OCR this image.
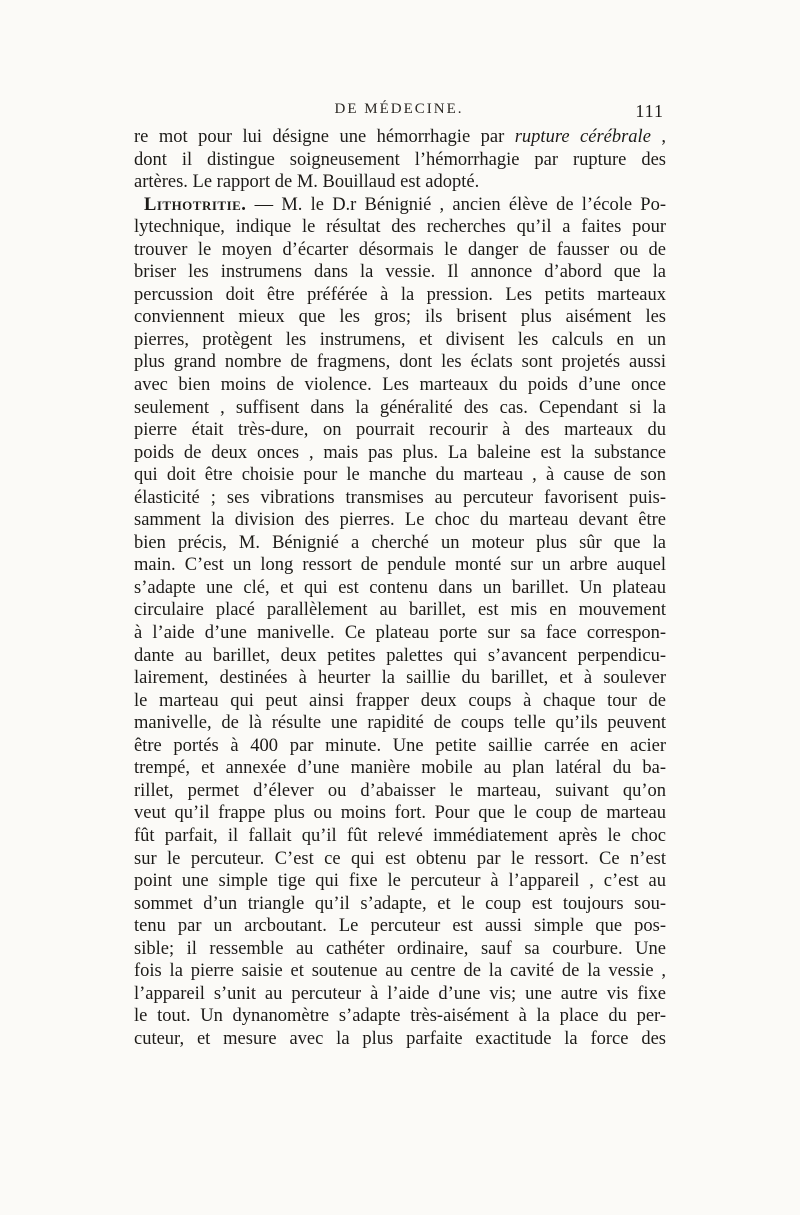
DE MÉDECINE.	111
re mot pour lui désigne une hémorrhagie par rupture cérébrale ,
dont il distingue soigneusement l’hémorrhagie par rupture des
artères. Le rapport de M. Bouillaud est adopté.
Lithotritie. — M. le D.r Bénignié , ancien élève de l’école Po-
lytechnique, indique le résultat des recherches qu’il a faites pour
trouver le moyen d’écarter désormais le danger de fausser ou de
briser les instrumens dans la vessie. Il annonce d’abord que la
percussion doit être préférée à la pression. Les petits marteaux
conviennent mieux que les gros; ils brisent plus aisément les
pierres, protègent les instrumens, et divisent les calculs en un
plus grand nombre de fragmens, dont les éclats sont projetés aussi
avec bien moins de violence. Les marteaux du poids d’une once
seulement , suffisent dans la généralité des cas. Cependant si la
pierre était très-dure, on pourrait recourir à des marteaux du
poids de deux onces , mais pas plus. La baleine est la substance
qui doit être choisie pour le manche du marteau , à cause de son
élasticité ; ses vibrations transmises au percuteur favorisent puis-
samment la division des pierres. Le choc du marteau devant être
bien précis, M. Bénignié a cherché un moteur plus sûr que la
main. C’est un long ressort de pendule monté sur un arbre auquel
s’adapte une clé, et qui est contenu dans un barillet. Un plateau
circulaire placé parallèlement au barillet, est mis en mouvement
à l’aide d’une manivelle. Ce plateau porte sur sa face correspon-
dante au barillet, deux petites palettes qui s’avancent perpendicu-
lairement, destinées à heurter la saillie du barillet, et à soulever
le marteau qui peut ainsi frapper deux coups à chaque tour de
manivelle, de là résulte une rapidité de coups telle qu’ils peuvent
être portés à 400 par minute. Une petite saillie carrée en acier
trempé, et annexée d’une manière mobile au plan latéral du ba-
rillet, permet d’élever ou d’abaisser le marteau, suivant qu’on
veut qu’il frappe plus ou moins fort. Pour que le coup de marteau
fût parfait, il fallait qu’il fût relevé immédiatement après le choc
sur le percuteur. C’est ce qui est obtenu par le ressort. Ce n’est
point une simple tige qui fixe le percuteur à l’appareil , c’est au
sommet d’un triangle qu’il s’adapte, et le coup est toujours sou-
tenu par un arcboutant. Le percuteur est aussi simple que pos-
sible; il ressemble au cathéter ordinaire, sauf sa courbure. Une
fois la pierre saisie et soutenue au centre de la cavité de la vessie ,
l’appareil s’unit au percuteur à l’aide d’une vis; une autre vis fixe
le tout. Un dynanomètre s’adapte très-aisément à la place du per-
cuteur, et mesure avec la plus parfaite exactitude la force des
